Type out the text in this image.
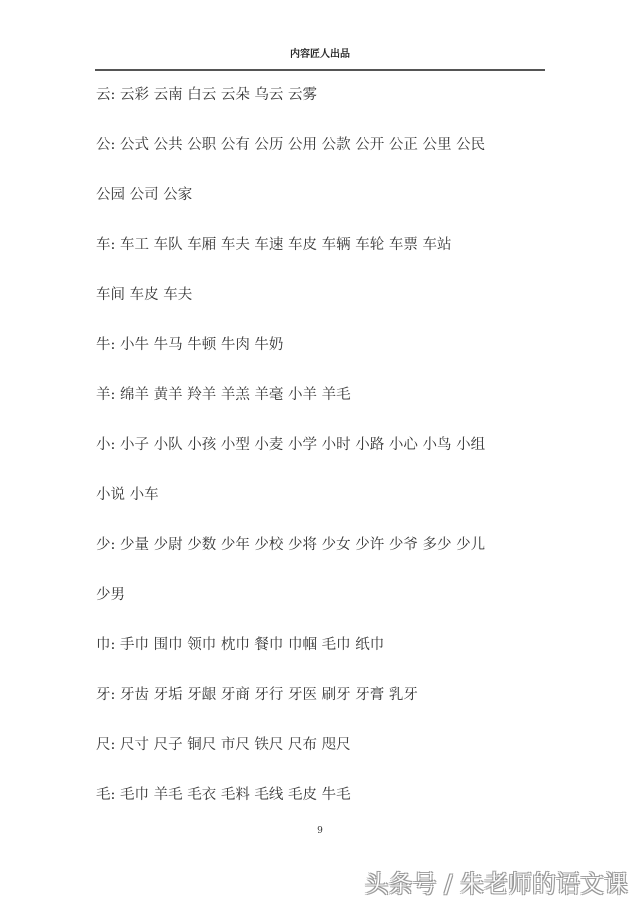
内容匠人出品
云: 云彩 云南 白云 云朵 乌云 云雾
公: 公式 公共 公职 公有 公历 公用 公款 公开 公正 公里 公民
公园 公司 公家
车: 车工 车队 车厢 车夫 车速 车皮 车辆 车轮 车票 车站
车间 车皮 车夫
牛: 小牛 牛马 牛顿 牛肉 牛奶
羊: 绵羊 黄羊 羚羊 羊羔 羊毫 小羊 羊毛
小: 小子 小队 小孩 小型 小麦 小学 小时 小路 小心 小鸟 小组
小说 小车
少: 少量 少尉 少数 少年 少校 少将 少女 少许 少爷 多少 少儿
少男
巾: 手巾 围巾 领巾 枕巾 餐巾 巾帼 毛巾 纸巾
牙: 牙齿 牙垢 牙龈 牙商 牙行 牙医 刷牙 牙膏 乳牙
尺: 尺寸 尺子 铜尺 市尺 铁尺 尺布 咫尺
毛: 毛巾 羊毛 毛衣 毛料 毛线 毛皮 牛毛
9
头条号 / 朱老师的语文课
